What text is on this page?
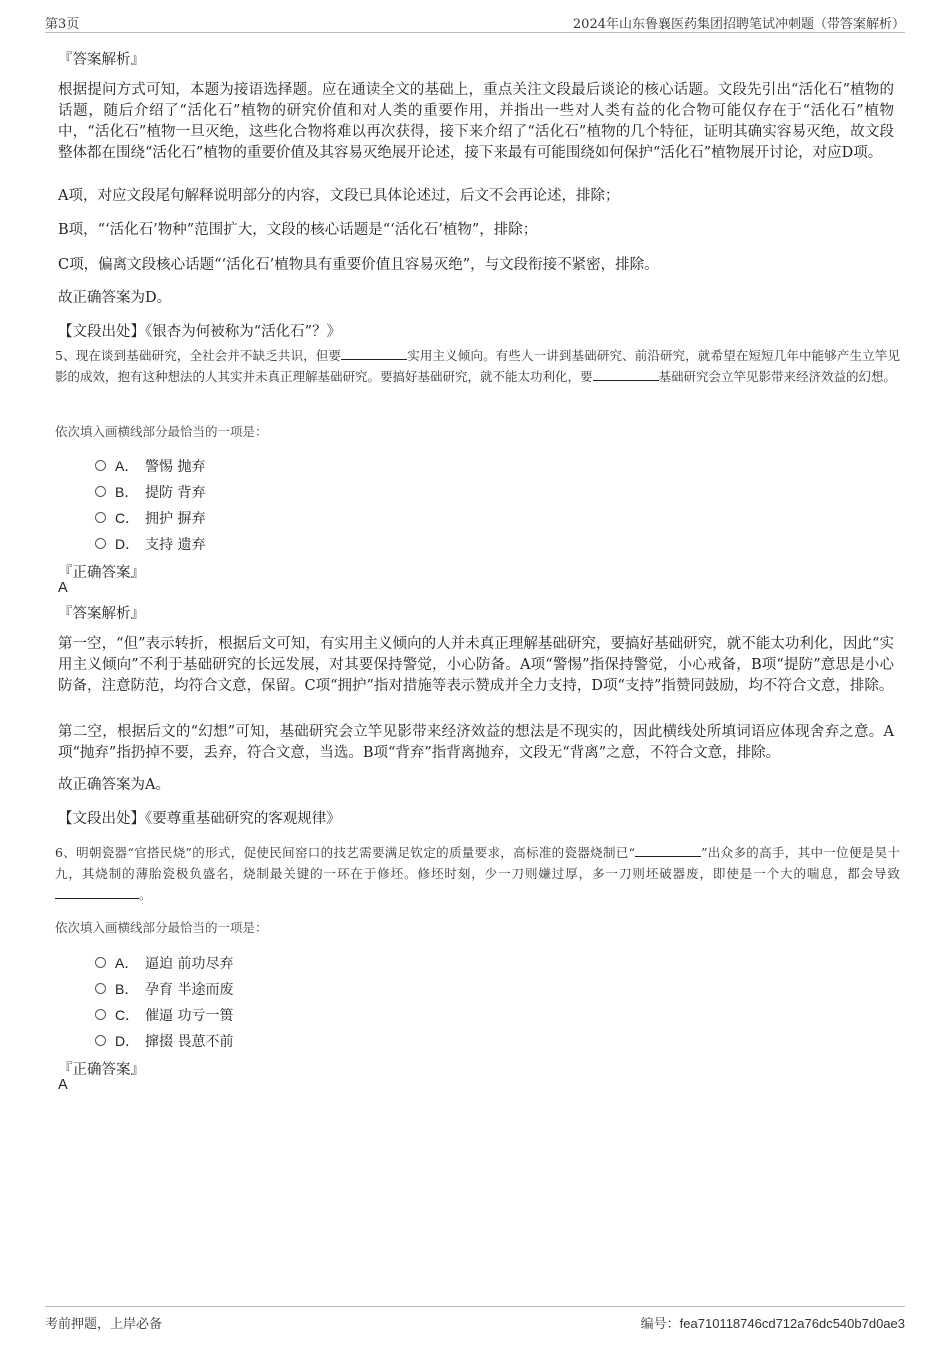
第3页	2024年山东鲁襄医药集团招聘笔试冲刺题（带答案解析）
『答案解析』
根据提问方式可知，本题为接语选择题。应在通读全文的基础上，重点关注文段最后谈论的核心话题。文段先引出“活化石”植物的话题，随后介绍了“活化石”植物的研究价值和对人类的重要作用，并指出一些对人类有益的化合物可能仅存在于“活化石”植物中，“活化石”植物一旦灭绝，这些化合物将难以再次获得，接下来介绍了“活化石”植物的几个特征，证明其确实容易灭绝，故文段整体都在围绕“活化石”植物的重要价值及其容易灭绝展开论述，接下来最有可能围绕如何保护“活化石”植物展开讨论，对应D项。
A项，对应文段尾句解释说明部分的内容，文段已具体论述过，后文不会再论述，排除；
B项，“‘活化石’物种”范围扩大，文段的核心话题是“‘活化石’植物”，排除；
C项，偏离文段核心话题“‘活化石’植物具有重要价值且容易灭绝”，与文段衔接不紧密，排除。
故正确答案为D。
【文段出处】《银杏为何被称为“活化石”？》
5、现在谈到基础研究，全社会并不缺乏共识，但要	实用主义倾向。有些人一讲到基础研究、前沿研究，就希望在短短几年中能够产生立竿见影的成效，抱有这种想法的人其实并未真正理解基础研究。要搞好基础研究，就不能太功利化，要	基础研究会立竿见影带来经济效益的幻想。
依次填入画横线部分最恰当的一项是：
A． 警惕 抛弃
B． 提防 背弃
C． 拥护 摒弃
D． 支持 遗弃
『正确答案』
A
『答案解析』
第一空，“但”表示转折，根据后文可知，有实用主义倾向的人并未真正理解基础研究，要搞好基础研究，就不能太功利化，因此“实用主义倾向”不利于基础研究的长远发展，对其要保持警觉，小心防备。A项“警惕”指保持警觉，小心戒备，B项“提防”意思是小心防备，注意防范，均符合文意，保留。C项“拥护”指对措施等表示赞成并全力支持，D项“支持”指赞同鼓励，均不符合文意，排除。
第二空，根据后文的“幻想”可知，基础研究会立竿见影带来经济效益的想法是不现实的，因此横线处所填词语应体现舍弃之意。A项“抛弃”指扔掉不要，丢弃，符合文意，当选。B项“背弃”指背离抛弃，文段无“背离”之意，不符合文意，排除。
故正确答案为A。
【文段出处】《要尊重基础研究的客观规律》
6、明朝瓷器“官搭民烧”的形式，促使民间窑口的技艺需要满足钦定的质量要求，高标准的瓷器烧制已“	”出众多的高手，其中一位便是昊十九，其烧制的薄胎瓷极负盛名，烧制最关键的一环在于修坯。修坯时刻，少一刀则嫌过厚，多一刀则坯破器废，即使是一个大的喘息，都会导致。
依次填入画横线部分最恰当的一项是：
A． 逼迫 前功尽弃
B． 孕育 半途而废
C． 催逼 功亏一篑
D． 撺掇 畏葸不前
『正确答案』
A
考前押题，上岸必备	编号：fea710118746cd712a76dc540b7d0ae3
